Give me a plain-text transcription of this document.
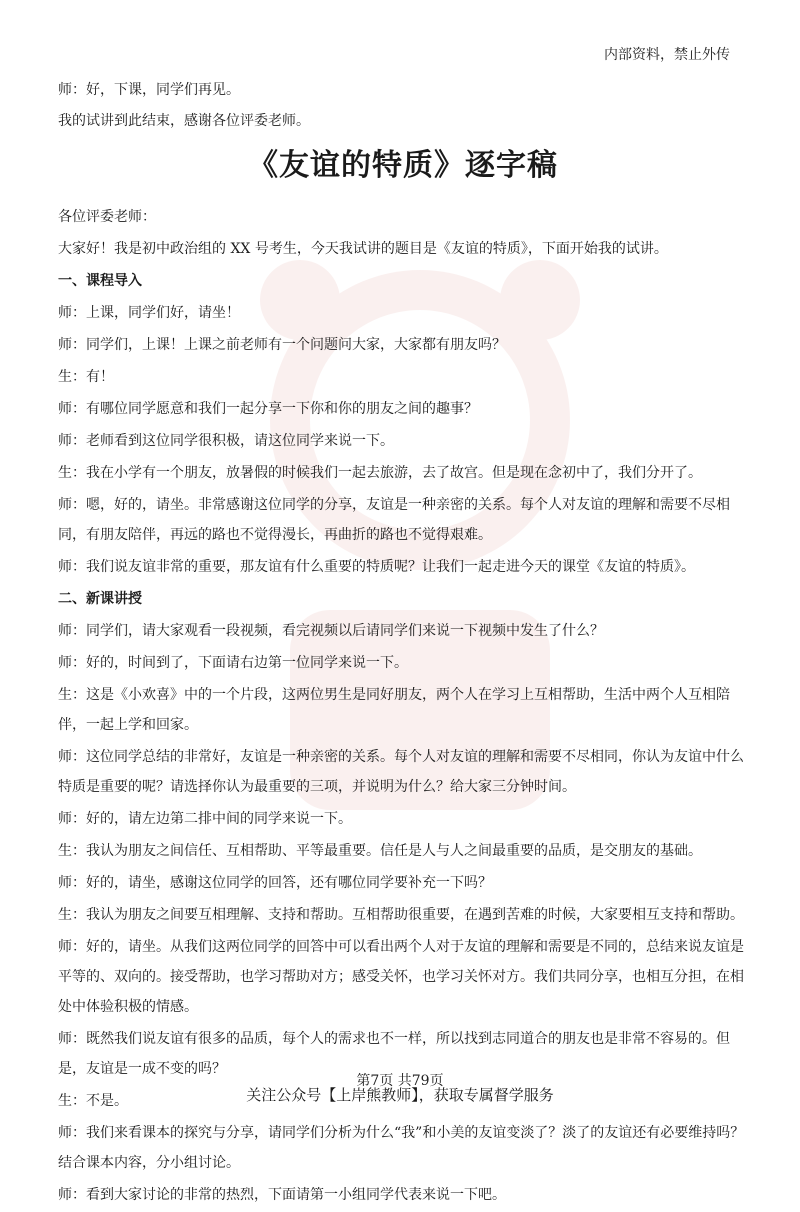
内部资料，禁止外传
师：好，下课，同学们再见。
我的试讲到此结束，感谢各位评委老师。
《友谊的特质》逐字稿
各位评委老师：
大家好！我是初中政治组的 XX 号考生，今天我试讲的题目是《友谊的特质》，下面开始我的试讲。
一、课程导入
师：上课，同学们好，请坐！
师：同学们，上课！上课之前老师有一个问题问大家，大家都有朋友吗？
生：有！
师：有哪位同学愿意和我们一起分享一下你和你的朋友之间的趣事？
师：老师看到这位同学很积极，请这位同学来说一下。
生：我在小学有一个朋友，放暑假的时候我们一起去旅游，去了故宫。但是现在念初中了，我们分开了。
师：嗯，好的，请坐。非常感谢这位同学的分享，友谊是一种亲密的关系。每个人对友谊的理解和需要不尽相同，有朋友陪伴，再远的路也不觉得漫长，再曲折的路也不觉得艰难。
师：我们说友谊非常的重要，那友谊有什么重要的特质呢？让我们一起走进今天的课堂《友谊的特质》。
二、新课讲授
师：同学们，请大家观看一段视频，看完视频以后请同学们来说一下视频中发生了什么？
师：好的，时间到了，下面请右边第一位同学来说一下。
生：这是《小欢喜》中的一个片段，这两位男生是同好朋友，两个人在学习上互相帮助，生活中两个人互相陪伴，一起上学和回家。
师：这位同学总结的非常好，友谊是一种亲密的关系。每个人对友谊的理解和需要不尽相同，你认为友谊中什么特质是重要的呢？请选择你认为最重要的三项，并说明为什么？给大家三分钟时间。
师：好的，请左边第二排中间的同学来说一下。
生：我认为朋友之间信任、互相帮助、平等最重要。信任是人与人之间最重要的品质，是交朋友的基础。
师：好的，请坐，感谢这位同学的回答，还有哪位同学要补充一下吗？
生：我认为朋友之间要互相理解、支持和帮助。互相帮助很重要，在遇到苦难的时候，大家要相互支持和帮助。
师：好的，请坐。从我们这两位同学的回答中可以看出两个人对于友谊的理解和需要是不同的，总结来说友谊是平等的、双向的。接受帮助，也学习帮助对方；感受关怀，也学习关怀对方。我们共同分享，也相互分担，在相处中体验积极的情感。
师：既然我们说友谊有很多的品质，每个人的需求也不一样，所以找到志同道合的朋友也是非常不容易的。但是，友谊是一成不变的吗？
生：不是。
师：我们来看课本的探究与分享，请同学们分析为什么“我”和小美的友谊变淡了？淡了的友谊还有必要维持吗？结合课本内容，分小组讨论。
师：看到大家讨论的非常的热烈，下面请第一小组同学代表来说一下吧。
第7页 共79页
关注公众号【上岸熊教师】，获取专属督学服务
